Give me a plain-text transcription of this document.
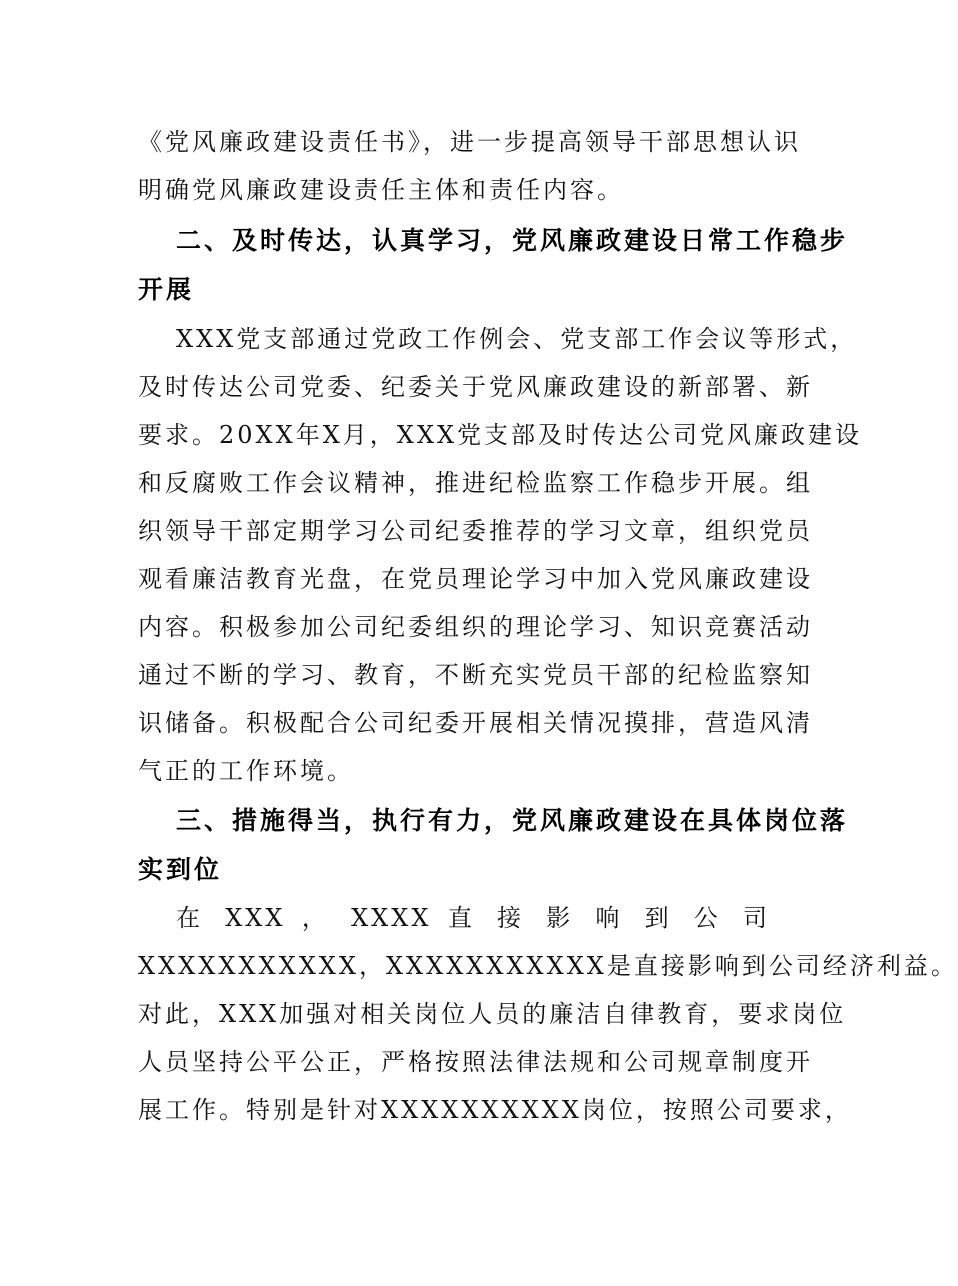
《党风廉政建设责任书》，进一步提高领导干部思想认识
明确党风廉政建设责任主体和责任内容。
二、及时传达，认真学习，党风廉政建设日常工作稳步
开展
XXX党支部通过党政工作例会、党支部工作会议等形式，
及时传达公司党委、纪委关于党风廉政建设的新部署、新
要求。20XX年X月，XXX党支部及时传达公司党风廉政建设
和反腐败工作会议精神，推进纪检监察工作稳步开展。组
织领导干部定期学习公司纪委推荐的学习文章，组织党员
观看廉洁教育光盘，在党员理论学习中加入党风廉政建设
内容。积极参加公司纪委组织的理论学习、知识竞赛活动
通过不断的学习、教育，不断充实党员干部的纪检监察知
识储备。积极配合公司纪委开展相关情况摸排，营造风清
气正的工作环境。
三、措施得当，执行有力，党风廉政建设在具体岗位落
实到位
在 XXX ， XXXX 直 接 影 响 到 公 司
XXXXXXXXXXX，XXXXXXXXXXX是直接影响到公司经济利益。
对此，XXX加强对相关岗位人员的廉洁自律教育，要求岗位
人员坚持公平公正，严格按照法律法规和公司规章制度开
展工作。特别是针对XXXXXXXXXX岗位，按照公司要求，
